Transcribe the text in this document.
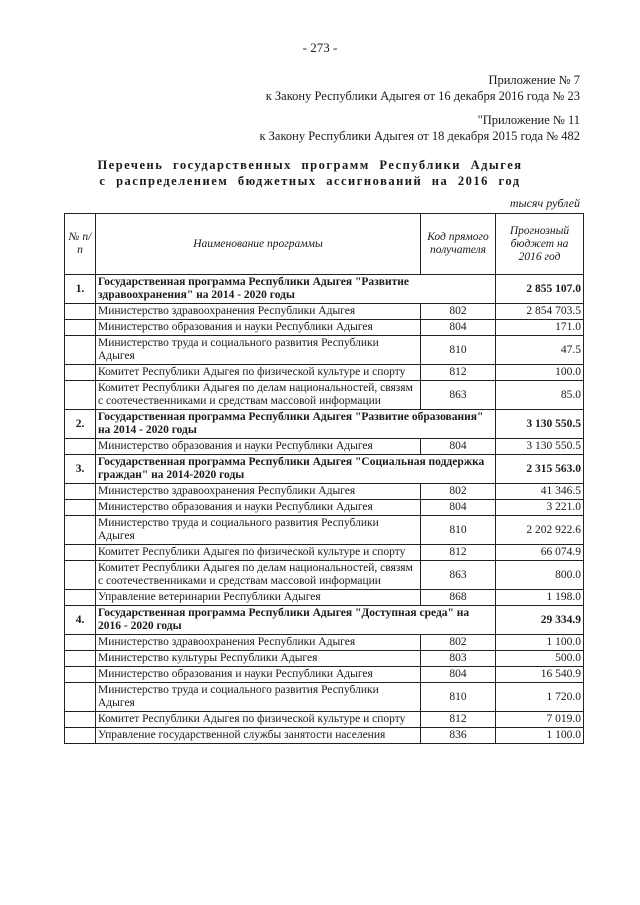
- 273 -
Приложение № 7
к Закону Республики Адыгея от 16 декабря 2016 года № 23
"Приложение № 11
к Закону Республики Адыгея от 18 декабря 2015 года № 482
Перечень государственных программ Республики Адыгея
с распределением бюджетных ассигнований на 2016 год
тысяч рублей
№ п/п	Наименование программы	Код прямого получателя	Прогнозный бюджет на 2016 год
1.	Государственная программа Республики Адыгея "Развитие здравоохранения" на 2014 - 2020 годы		2 855 107.0
	Министерство здравоохранения Республики Адыгея	802	2 854 703.5
	Министерство образования и науки Республики Адыгея	804	171.0
	Министерство труда и социального развития Республики Адыгея	810	47.5
	Комитет Республики Адыгея по физической культуре и спорту	812	100.0
	Комитет Республики Адыгея по делам национальностей, связям с соотечественниками и средствам массовой информации	863	85.0
2.	Государственная программа Республики Адыгея "Развитие образования" на 2014 - 2020 годы		3 130 550.5
	Министерство образования и науки Республики Адыгея	804	3 130 550.5
3.	Государственная программа Республики Адыгея "Социальная поддержка граждан" на 2014-2020 годы		2 315 563.0
	Министерство здравоохранения Республики Адыгея	802	41 346.5
	Министерство образования и науки Республики Адыгея	804	3 221.0
	Министерство труда и социального развития Республики Адыгея	810	2 202 922.6
	Комитет Республики Адыгея по физической культуре и спорту	812	66 074.9
	Комитет Республики Адыгея по делам национальностей, связям с соотечественниками и средствам массовой информации	863	800.0
	Управление ветеринарии Республики Адыгея	868	1 198.0
4.	Государственная программа Республики Адыгея "Доступная среда" на 2016 - 2020 годы		29 334.9
	Министерство здравоохранения Республики Адыгея	802	1 100.0
	Министерство культуры Республики Адыгея	803	500.0
	Министерство образования и науки Республики Адыгея	804	16 540.9
	Министерство труда и социального развития Республики Адыгея	810	1 720.0
	Комитет Республики Адыгея по физической культуре и спорту	812	7 019.0
	Управление государственной службы занятости населения	836	1 100.0
